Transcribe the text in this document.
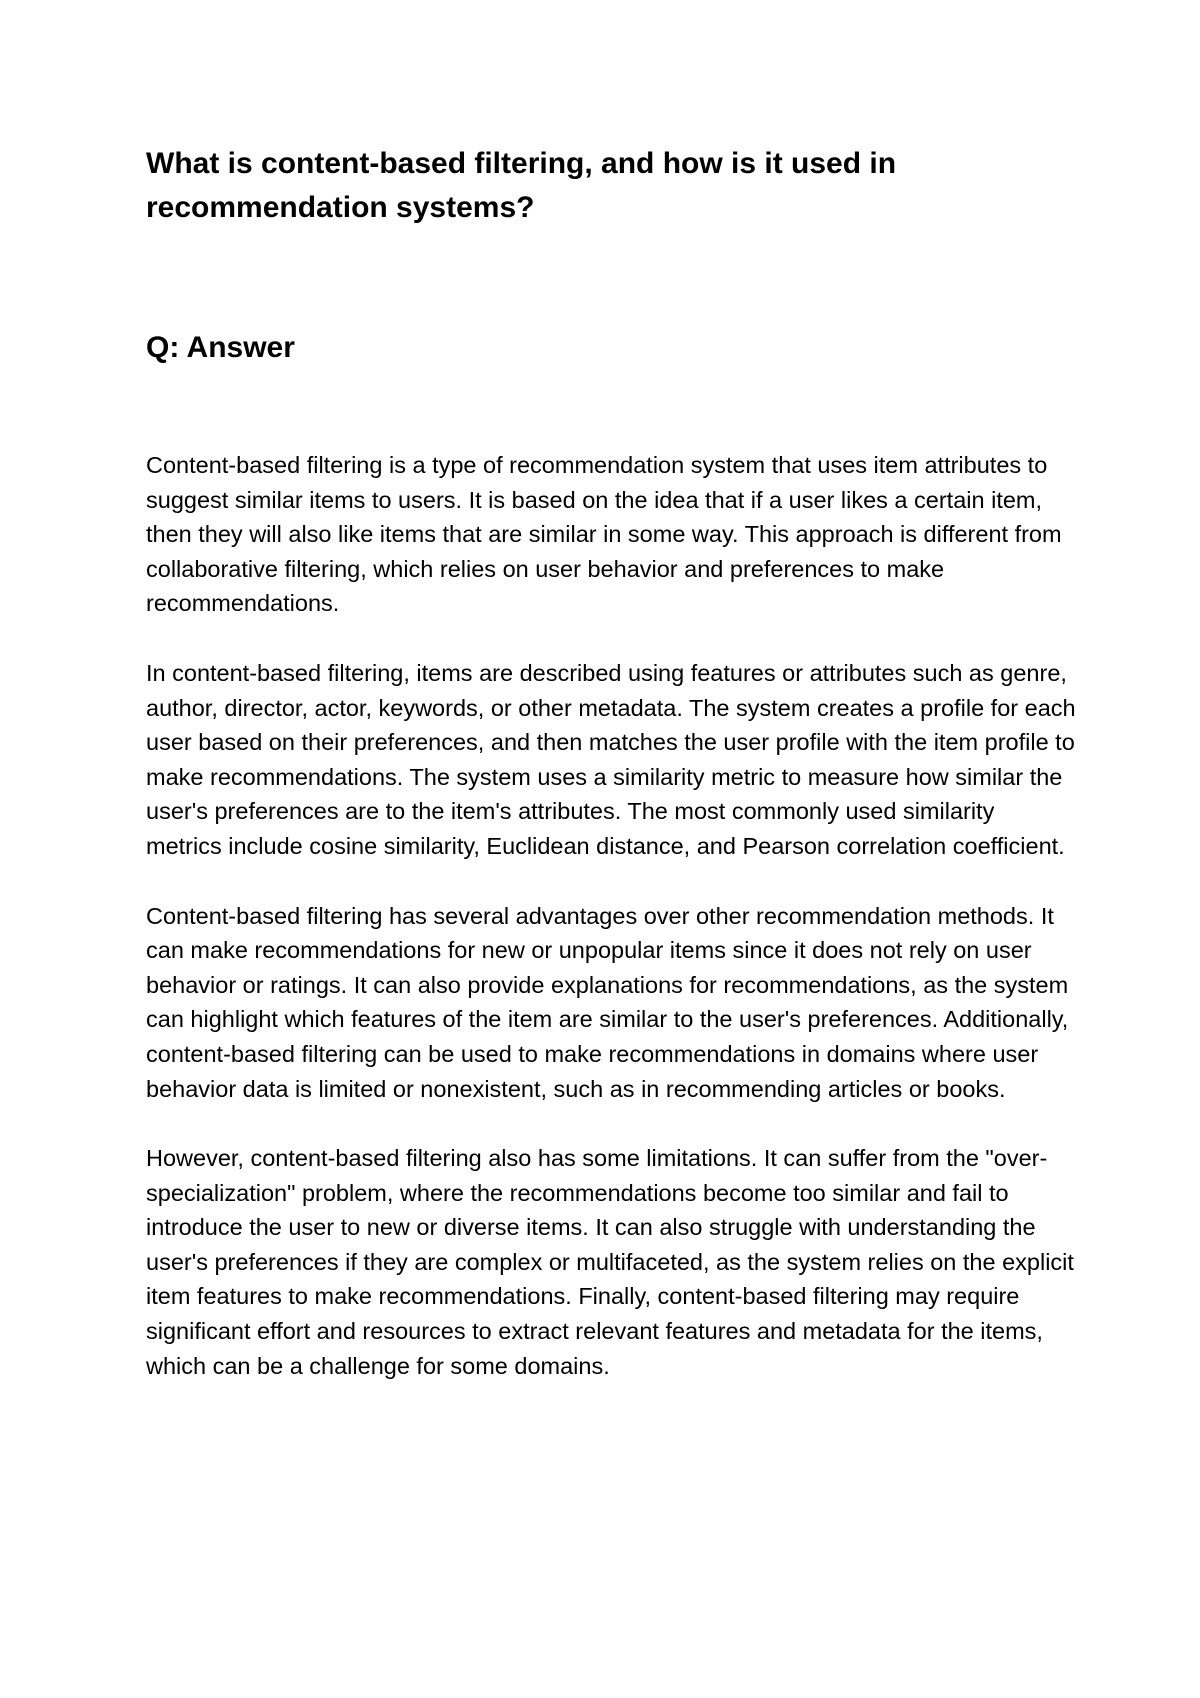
What is content-based filtering, and how is it used in recommendation systems?
Q: Answer

Content-based filtering is a type of recommendation system that uses item attributes to suggest similar items to users. It is based on the idea that if a user likes a certain item, then they will also like items that are similar in some way. This approach is different from collaborative filtering, which relies on user behavior and preferences to make recommendations.

In content-based filtering, items are described using features or attributes such as genre, author, director, actor, keywords, or other metadata. The system creates a profile for each user based on their preferences, and then matches the user profile with the item profile to make recommendations. The system uses a similarity metric to measure how similar the user's preferences are to the item's attributes. The most commonly used similarity metrics include cosine similarity, Euclidean distance, and Pearson correlation coefficient.

Content-based filtering has several advantages over other recommendation methods. It can make recommendations for new or unpopular items since it does not rely on user behavior or ratings. It can also provide explanations for recommendations, as the system can highlight which features of the item are similar to the user's preferences. Additionally, content-based filtering can be used to make recommendations in domains where user behavior data is limited or nonexistent, such as in recommending articles or books.

However, content-based filtering also has some limitations. It can suffer from the "over-specialization" problem, where the recommendations become too similar and fail to introduce the user to new or diverse items. It can also struggle with understanding the user's preferences if they are complex or multifaceted, as the system relies on the explicit item features to make recommendations. Finally, content-based filtering may require significant effort and resources to extract relevant features and metadata for the items, which can be a challenge for some domains.
